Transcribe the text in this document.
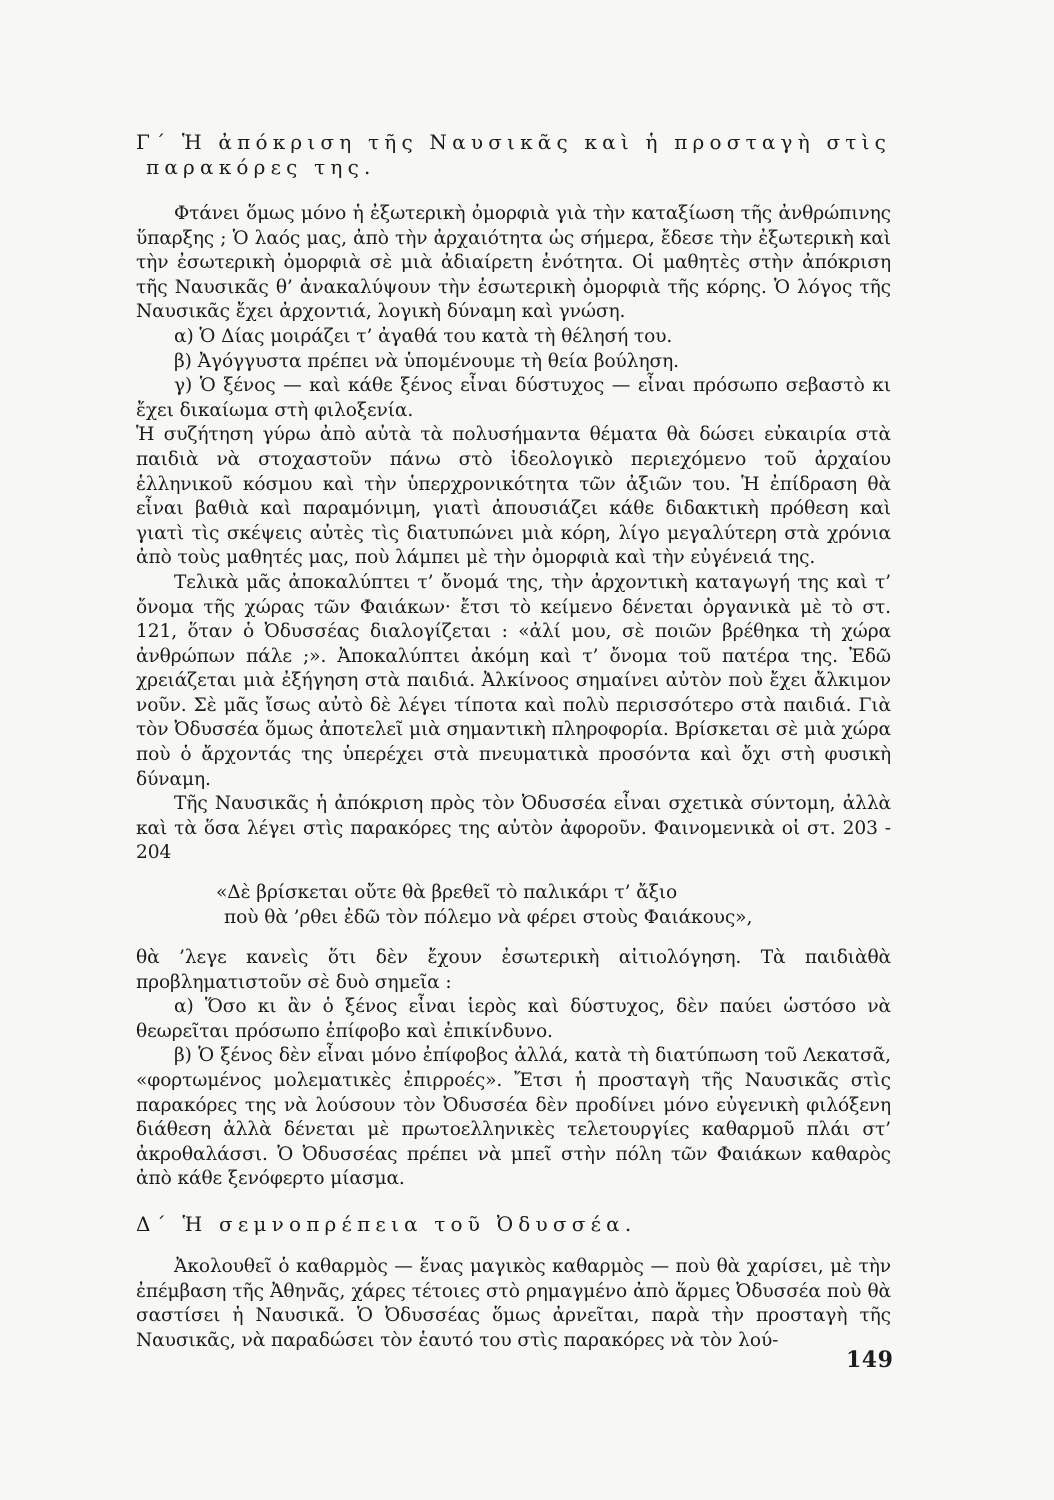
Γ΄ Ἡ ἀπόκριση τῆς Ναυσικᾶς καὶ ἡ προσταγὴ στὶς
παρακόρες της.

Φτάνει ὅμως μόνο ἡ ἐξωτερικὴ ὀμορφιὰ γιὰ τὴν καταξίωση τῆς ἀνθρώπινης ὕπαρξης ; Ὁ λαός μας, ἀπὸ τὴν ἀρχαιότητα ὡς σήμερα, ἔδεσε τὴν ἐξωτερικὴ καὶ τὴν ἐσωτερικὴ ὀμορφιὰ σὲ μιὰ ἀδιαίρετη ἑνότητα. Οἱ μαθητὲς στὴν ἀπόκριση τῆς Ναυσικᾶς θ’ ἀνακαλύψουν τὴν ἐσωτερικὴ ὀμορφιὰ τῆς κόρης. Ὁ λόγος τῆς Ναυσικᾶς ἔχει ἀρχοντιά, λογικὴ δύναμη καὶ γνώση.

α) Ὁ Δίας μοιράζει τ’ ἀγαθά του κατὰ τὴ θέλησή του.

β) Ἀγόγγυστα πρέπει νὰ ὑπομένουμε τὴ θεία βούληση.

γ) Ὁ ξένος — καὶ κάθε ξένος εἶναι δύστυχος — εἶναι πρόσωπο σεβαστὸ κι ἔχει δικαίωμα στὴ φιλοξενία.

Ἡ συζήτηση γύρω ἀπὸ αὐτὰ τὰ πολυσήμαντα θέματα θὰ δώσει εὐκαιρία στὰ παιδιὰ νὰ στοχαστοῦν πάνω στὸ ἰδεολογικὸ περιεχόμενο τοῦ ἀρχαίου ἑλληνικοῦ κόσμου καὶ τὴν ὑπερχρονικότητα τῶν ἀξιῶν του. Ἡ ἐπίδραση θὰ εἶναι βαθιὰ καὶ παραμόνιμη, γιατὶ ἀπουσιάζει κάθε διδακτικὴ πρόθεση καὶ γιατὶ τὶς σκέψεις αὐτὲς τὶς διατυπώνει μιὰ κόρη, λίγο μεγαλύτερη στὰ χρόνια ἀπὸ τοὺς μαθητές μας, ποὺ λάμπει μὲ τὴν ὀμορφιὰ καὶ τὴν εὐγένειά της.

Τελικὰ μᾶς ἀποκαλύπτει τ’ ὄνομά της, τὴν ἀρχοντικὴ καταγωγή της καὶ τ’ ὄνομα τῆς χώρας τῶν Φαιάκων· ἔτσι τὸ κείμενο δένεται ὀργανικὰ μὲ τὸ στ. 121, ὅταν ὁ Ὀδυσσέας διαλογίζεται : «ἀλί μου, σὲ ποιῶν βρέθηκα τὴ χώρα ἀνθρώπων πάλε ;». Ἀποκαλύπτει ἀκόμη καὶ τ’ ὄνομα τοῦ πατέρα της. Ἐδῶ χρειάζεται μιὰ ἐξήγηση στὰ παιδιά. Ἀλκίνοος σημαίνει αὐτὸν ποὺ ἔχει ἄλκιμον νοῦν. Σὲ μᾶς ἴσως αὐτὸ δὲ λέγει τίποτα καὶ πολὺ περισσότερο στὰ παιδιά. Γιὰ τὸν Ὀδυσσέα ὅμως ἀποτελεῖ μιὰ σημαντικὴ πληροφορία. Βρίσκεται σὲ μιὰ χώρα ποὺ ὁ ἄρχοντάς της ὑπερέχει στὰ πνευματικὰ προσόντα καὶ ὄχι στὴ φυσικὴ δύναμη.

Τῆς Ναυσικᾶς ἡ ἀπόκριση πρὸς τὸν Ὀδυσσέα εἶναι σχετικὰ σύντομη, ἀλλὰ καὶ τὰ ὅσα λέγει στὶς παρακόρες της αὐτὸν ἀφοροῦν. Φαινομενικὰ οἱ στ. 203 - 204

«Δὲ βρίσκεται οὔτε θὰ βρεθεῖ τὸ παλικάρι τ’ ἄξιο
ποὺ θὰ ’ρθει ἐδῶ τὸν πόλεμο νὰ φέρει στοὺς Φαιάκους»,

θὰ ’λεγε κανεὶς ὅτι δὲν ἔχουν ἐσωτερικὴ αἰτιολόγηση. Τὰ παιδιὰθὰ προβληματιστοῦν σὲ δυὸ σημεῖα :

α) Ὅσο κι ἂν ὁ ξένος εἶναι ἱερὸς καὶ δύστυχος, δὲν παύει ὡστόσο νὰ θεωρεῖται πρόσωπο ἐπίφοβο καὶ ἐπικίνδυνο.

β) Ὁ ξένος δὲν εἶναι μόνο ἐπίφοβος ἀλλά, κατὰ τὴ διατύπωση τοῦ Λεκατσᾶ, «φορτωμένος μολεματικὲς ἐπιρροές». Ἔτσι ἡ προσταγὴ τῆς Ναυσικᾶς στὶς παρακόρες της νὰ λούσουν τὸν Ὀδυσσέα δὲν προδίνει μόνο εὐγενικὴ φιλόξενη διάθεση ἀλλὰ δένεται μὲ πρωτοελληνικὲς τελετουργίες καθαρμοῦ πλάι στ’ ἀκροθαλάσσι. Ὁ Ὀδυσσέας πρέπει νὰ μπεῖ στὴν πόλη τῶν Φαιάκων καθαρὸς ἀπὸ κάθε ξενόφερτο μίασμα.

Δ΄ Ἡ σεμνοπρέπεια τοῦ Ὀδυσσέα.

Ἀκολουθεῖ ὁ καθαρμὸς — ἕνας μαγικὸς καθαρμὸς — ποὺ θὰ χαρίσει, μὲ τὴν ἐπέμβαση τῆς Ἀθηνᾶς, χάρες τέτοιες στὸ ρημαγμένο ἀπὸ ἅρμες Ὀδυσσέα ποὺ θὰ σαστίσει ἡ Ναυσικᾶ. Ὁ Ὀδυσσέας ὅμως ἀρνεῖται, παρὰ τὴν προσταγὴ τῆς Ναυσικᾶς, νὰ παραδώσει τὸν ἑαυτό του στὶς παρακόρες νὰ τὸν λού-

149
